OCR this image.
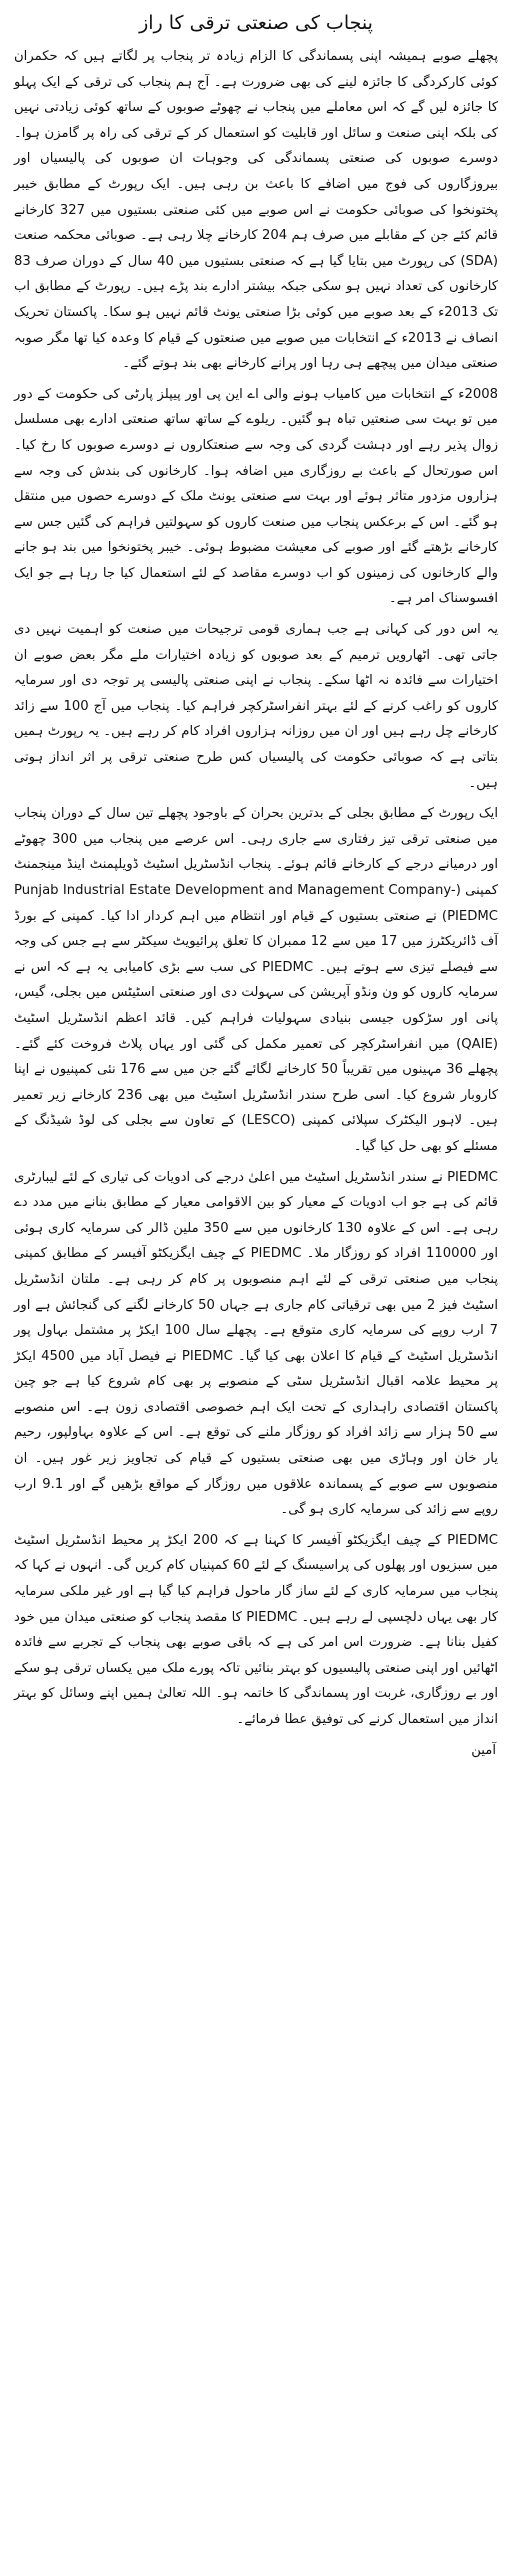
پنجاب کی صنعتی ترقی کا راز

پچھلے صوبے ہمیشہ اپنی پسماندگی کا الزام زیادہ تر پنجاب پر لگاتے ہیں کہ حکمران کوئی کارکردگی کا جائزہ لینے کی بھی ضرورت ہے۔ آج ہم پنجاب کی ترقی کے ایک پہلو کا جائزہ لیں گے کہ اس معاملے میں پنجاب نے چھوٹے صوبوں کے ساتھ کوئی زیادتی نہیں کی بلکہ اپنی صنعت و سائل اور قابلیت کو استعمال کر کے ترقی کی راہ پر گامزن ہوا۔ دوسرے صوبوں کی صنعتی پسماندگی کی وجوہات ان صوبوں کی پالیسیاں اور بیروزگاروں کی فوج میں اضافے کا باعث بن رہی ہیں۔ ایک رپورٹ کے مطابق خیبر پختونخوا کی صوبائی حکومت نے اس صوبے میں کئی صنعتی بستیوں میں 327 کارخانے قائم کئے جن کے مقابلے میں صرف ہم 204 کارخانے چلا رہی ہے۔ صوبائی محکمہ صنعت (SDA) کی رپورٹ میں بتایا گیا ہے کہ صنعتی بستیوں میں 40 سال کے دوران صرف 83 کارخانوں کی تعداد نہیں ہو سکی جبکہ بیشتر ادارے بند پڑے ہیں۔ رپورٹ کے مطابق اب تک 2013ء کے بعد صوبے میں کوئی بڑا صنعتی یونٹ قائم نہیں ہو سکا۔ پاکستان تحریک انصاف نے 2013ء کے انتخابات میں صوبے میں صنعتوں کے قیام کا وعدہ کیا تھا مگر صوبہ صنعتی میدان میں پیچھے ہی رہا اور پرانے کارخانے بھی بند ہوتے گئے۔

2008ء کے انتخابات میں کامیاب ہونے والی اے این پی اور پیپلز پارٹی کی حکومت کے دور میں تو بہت سی صنعتیں تباہ ہو گئیں۔ ریلوے کے ساتھ ساتھ صنعتی ادارے بھی مسلسل زوال پذیر رہے اور دہشت گردی کی وجہ سے صنعتکاروں نے دوسرے صوبوں کا رخ کیا۔ اس صورتحال کے باعث بے روزگاری میں اضافہ ہوا۔ کارخانوں کی بندش کی وجہ سے ہزاروں مزدور متاثر ہوئے اور بہت سے صنعتی یونٹ ملک کے دوسرے حصوں میں منتقل ہو گئے۔ اس کے برعکس پنجاب میں صنعت کاروں کو سہولتیں فراہم کی گئیں جس سے کارخانے بڑھتے گئے اور صوبے کی معیشت مضبوط ہوئی۔ خیبر پختونخوا میں بند ہو جانے والے کارخانوں کی زمینوں کو اب دوسرے مقاصد کے لئے استعمال کیا جا رہا ہے جو ایک افسوسناک امر ہے۔

یہ اس دور کی کہانی ہے جب ہماری قومی ترجیحات میں صنعت کو اہمیت نہیں دی جاتی تھی۔ اٹھارویں ترمیم کے بعد صوبوں کو زیادہ اختیارات ملے مگر بعض صوبے ان اختیارات سے فائدہ نہ اٹھا سکے۔ پنجاب نے اپنی صنعتی پالیسی پر توجہ دی اور سرمایہ کاروں کو راغب کرنے کے لئے بہتر انفراسٹرکچر فراہم کیا۔ پنجاب میں آج 100 سے زائد کارخانے چل رہے ہیں اور ان میں روزانہ ہزاروں افراد کام کر رہے ہیں۔ یہ رپورٹ ہمیں بتاتی ہے کہ صوبائی حکومت کی پالیسیاں کس طرح صنعتی ترقی پر اثر انداز ہوتی ہیں۔

ایک رپورٹ کے مطابق بجلی کے بدترین بحران کے باوجود پچھلے تین سال کے دوران پنجاب میں صنعتی ترقی تیز رفتاری سے جاری رہی۔ اس عرصے میں پنجاب میں 300 چھوٹے اور درمیانے درجے کے کارخانے قائم ہوئے۔ پنجاب انڈسٹریل اسٹیٹ ڈویلپمنٹ اینڈ مینجمنٹ کمپنی (Punjab Industrial Estate Development and Management Company-PIEDMC) نے صنعتی بستیوں کے قیام اور انتظام میں اہم کردار ادا کیا۔ کمپنی کے بورڈ آف ڈائریکٹرز میں 17 میں سے 12 ممبران کا تعلق پرائیویٹ سیکٹر سے ہے جس کی وجہ سے فیصلے تیزی سے ہوتے ہیں۔ PIEDMC کی سب سے بڑی کامیابی یہ ہے کہ اس نے سرمایہ کاروں کو ون ونڈو آپریشن کی سہولت دی اور صنعتی اسٹیٹس میں بجلی، گیس، پانی اور سڑکوں جیسی بنیادی سہولیات فراہم کیں۔ قائد اعظم انڈسٹریل اسٹیٹ (QAIE) میں انفراسٹرکچر کی تعمیر مکمل کی گئی اور یہاں پلاٹ فروخت کئے گئے۔ پچھلے 36 مہینوں میں تقریباً 50 کارخانے لگائے گئے جن میں سے 176 نئی کمپنیوں نے اپنا کاروبار شروع کیا۔ اسی طرح سندر انڈسٹریل اسٹیٹ میں بھی 236 کارخانے زیر تعمیر ہیں۔ لاہور الیکٹرک سپلائی کمپنی (LESCO) کے تعاون سے بجلی کی لوڈ شیڈنگ کے مسئلے کو بھی حل کیا گیا۔

PIEDMC نے سندر انڈسٹریل اسٹیٹ میں اعلیٰ درجے کی ادویات کی تیاری کے لئے لیبارٹری قائم کی ہے جو اب ادویات کے معیار کو بین الاقوامی معیار کے مطابق بنانے میں مدد دے رہی ہے۔ اس کے علاوہ 130 کارخانوں میں سے 350 ملین ڈالر کی سرمایہ کاری ہوئی اور 110000 افراد کو روزگار ملا۔ PIEDMC کے چیف ایگزیکٹو آفیسر کے مطابق کمپنی پنجاب میں صنعتی ترقی کے لئے اہم منصوبوں پر کام کر رہی ہے۔ ملتان انڈسٹریل اسٹیٹ فیز 2 میں بھی ترقیاتی کام جاری ہے جہاں 50 کارخانے لگنے کی گنجائش ہے اور 7 ارب روپے کی سرمایہ کاری متوقع ہے۔ پچھلے سال 100 ایکڑ پر مشتمل بہاول پور انڈسٹریل اسٹیٹ کے قیام کا اعلان بھی کیا گیا۔ PIEDMC نے فیصل آباد میں 4500 ایکڑ پر محیط علامہ اقبال انڈسٹریل سٹی کے منصوبے پر بھی کام شروع کیا ہے جو چین پاکستان اقتصادی راہداری کے تحت ایک اہم خصوصی اقتصادی زون ہے۔ اس منصوبے سے 50 ہزار سے زائد افراد کو روزگار ملنے کی توقع ہے۔ اس کے علاوہ بہاولپور، رحیم یار خان اور وہاڑی میں بھی صنعتی بستیوں کے قیام کی تجاویز زیر غور ہیں۔ ان منصوبوں سے صوبے کے پسماندہ علاقوں میں روزگار کے مواقع بڑھیں گے اور 9.1 ارب روپے سے زائد کی سرمایہ کاری ہو گی۔

PIEDMC کے چیف ایگزیکٹو آفیسر کا کہنا ہے کہ 200 ایکڑ پر محیط انڈسٹریل اسٹیٹ میں سبزیوں اور پھلوں کی پراسیسنگ کے لئے 60 کمپنیاں کام کریں گی۔ انہوں نے کہا کہ پنجاب میں سرمایہ کاری کے لئے ساز گار ماحول فراہم کیا گیا ہے اور غیر ملکی سرمایہ کار بھی یہاں دلچسپی لے رہے ہیں۔ PIEDMC کا مقصد پنجاب کو صنعتی میدان میں خود کفیل بنانا ہے۔ ضرورت اس امر کی ہے کہ باقی صوبے بھی پنجاب کے تجربے سے فائدہ اٹھائیں اور اپنی صنعتی پالیسیوں کو بہتر بنائیں تاکہ پورے ملک میں یکساں ترقی ہو سکے اور بے روزگاری، غربت اور پسماندگی کا خاتمہ ہو۔ اللہ تعالیٰ ہمیں اپنے وسائل کو بہتر انداز میں استعمال کرنے کی توفیق عطا فرمائے۔

آمین
